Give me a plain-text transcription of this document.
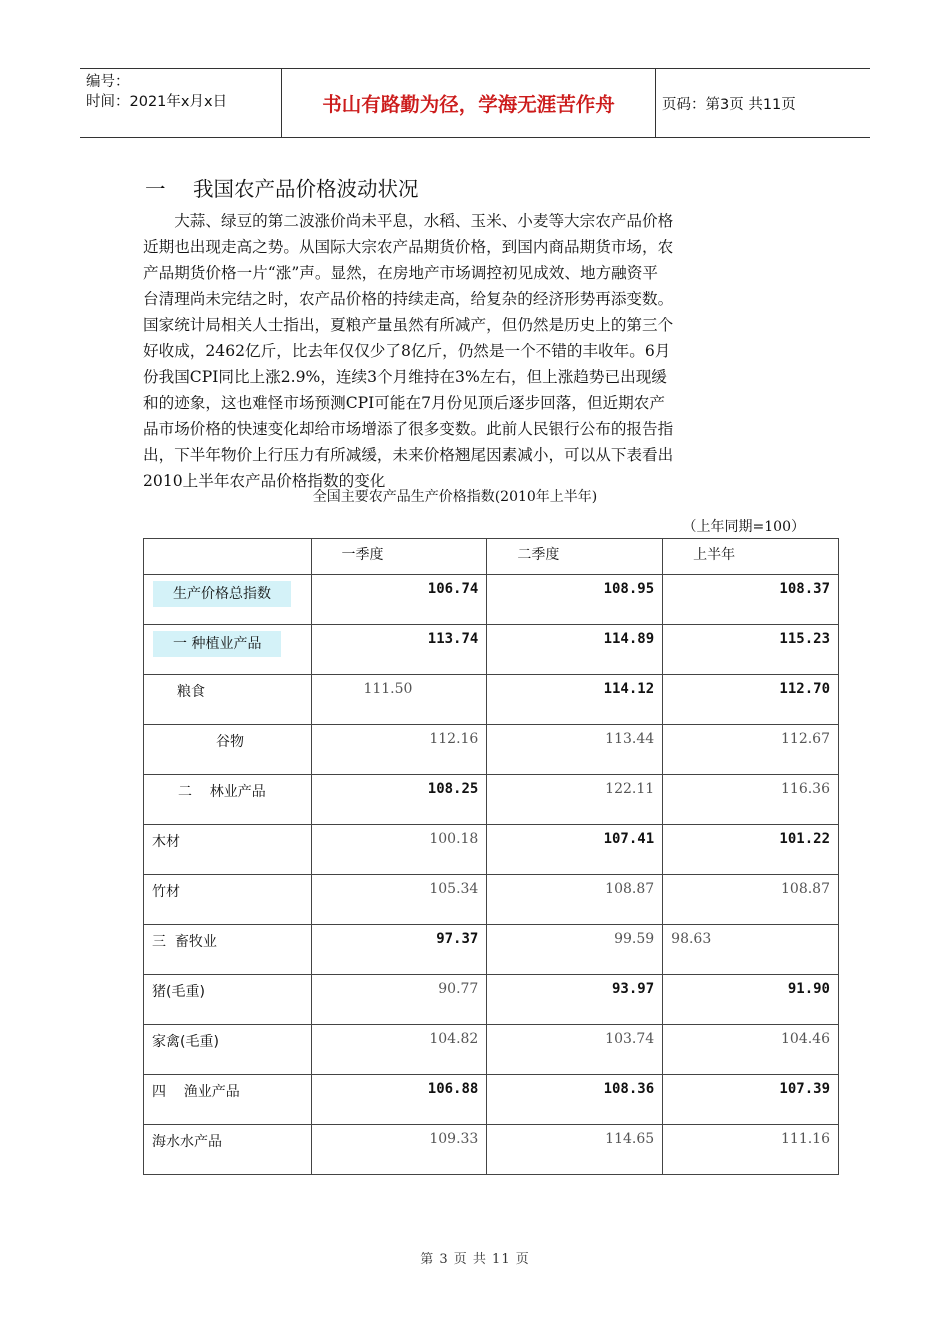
编号：
时间：2021年x月x日	书山有路勤为径，学海无涯苦作舟	页码：第3页 共11页
一 我国农产品价格波动状况

　　大蒜、绿豆的第二波涨价尚未平息，水稻、玉米、小麦等大宗农产品价格
近期也出现走高之势。从国际大宗农产品期货价格，到国内商品期货市场，农
产品期货价格一片“涨”声。显然，在房地产市场调控初见成效、地方融资平
台清理尚未完结之时，农产品价格的持续走高，给复杂的经济形势再添变数。
国家统计局相关人士指出，夏粮产量虽然有所减产，但仍然是历史上的第三个
好收成，2462亿斤，比去年仅仅少了8亿斤，仍然是一个不错的丰收年。6月
份我国CPI同比上涨2.9%，连续3个月维持在3%左右，但上涨趋势已出现缓
和的迹象，这也难怪市场预测CPI可能在7月份见顶后逐步回落，但近期农产
品市场价格的快速变化却给市场增添了很多变数。此前人民银行公布的报告指
出，下半年物价上行压力有所减缓，未来价格翘尾因素减小，可以从下表看出
2010上半年农产品价格指数的变化

全国主要农产品生产价格指数(2010年上半年)
（上年同期=100）

	一季度	二季度	上半年

生产价格总指数	106.74	108.95	108.37

一 种植业产品	113.74	114.89	115.23

粮食	111.50	114.12	112.70

谷物	112.16	113.44	112.67

二    林业产品	108.25	122.11	116.36

木材	100.18	107.41	101.22

竹材	105.34	108.87	108.87

三  畜牧业	97.37	99.59	98.63

猪(毛重)	90.77	93.97	91.90

家禽(毛重)	104.82	103.74	104.46

四    渔业产品	106.88	108.36	107.39

海水水产品	109.33	114.65	111.16
第 3 页 共 11 页
